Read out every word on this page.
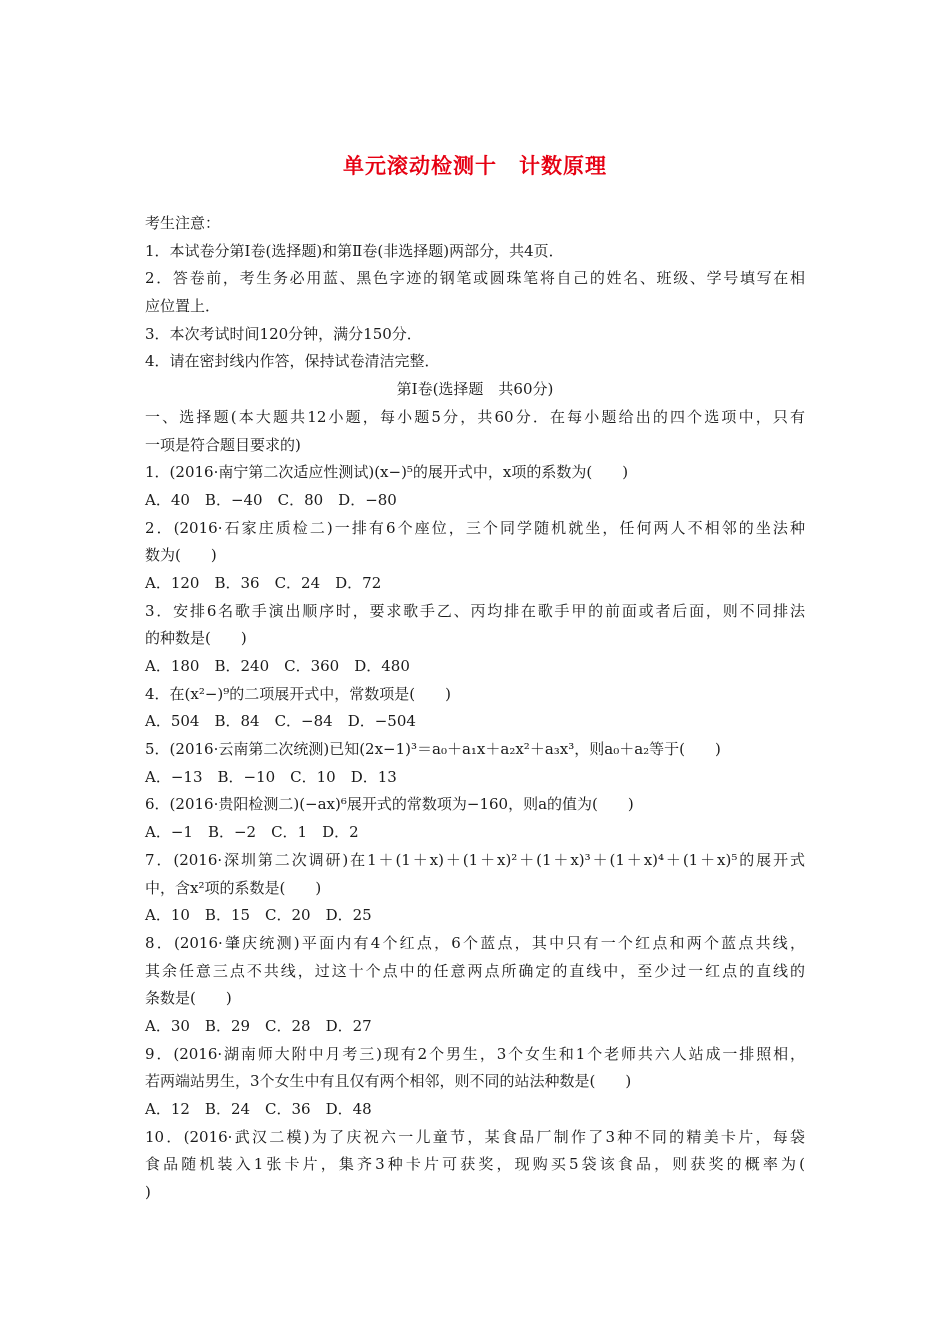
单元滚动检测十　计数原理
考生注意：
1．本试卷分第Ⅰ卷(选择题)和第Ⅱ卷(非选择题)两部分，共4页．
2．答卷前，考生务必用蓝、黑色字迹的钢笔或圆珠笔将自己的姓名、班级、学号填写在相
应位置上．
3．本次考试时间120分钟，满分150分．
4．请在密封线内作答，保持试卷清洁完整．
第Ⅰ卷(选择题　共60分)
一、选择题(本大题共12小题，每小题5分，共60分．在每小题给出的四个选项中，只有
一项是符合题目要求的)
1．(2016·南宁第二次适应性测试)(x−)⁵的展开式中，x项的系数为(　　)
A．40　B．−40　C．80　D．−80
2．(2016·石家庄质检二)一排有6个座位，三个同学随机就坐，任何两人不相邻的坐法种
数为(　　)
A．120　B．36　C．24　D．72
3．安排6名歌手演出顺序时，要求歌手乙、丙均排在歌手甲的前面或者后面，则不同排法
的种数是(　　)
A．180　B．240　C．360　D．480
4．在(x²−)⁹的二项展开式中，常数项是(　　)
A．504　B．84　C．−84　D．−504
5．(2016·云南第二次统测)已知(2x−1)³＝a₀＋a₁x＋a₂x²＋a₃x³，则a₀＋a₂等于(　　)
A．−13　B．−10　C．10　D．13
6．(2016·贵阳检测二)(−ax)⁶展开式的常数项为−160，则a的值为(　　)
A．−1　B．−2　C．1　D．2
7．(2016·深圳第二次调研)在1＋(1＋x)＋(1＋x)²＋(1＋x)³＋(1＋x)⁴＋(1＋x)⁵的展开式
中，含x²项的系数是(　　)
A．10　B．15　C．20　D．25
8．(2016·肇庆统测)平面内有4个红点，6个蓝点，其中只有一个红点和两个蓝点共线，
其余任意三点不共线，过这十个点中的任意两点所确定的直线中，至少过一红点的直线的
条数是(　　)
A．30　B．29　C．28　D．27
9．(2016·湖南师大附中月考三)现有2个男生，3个女生和1个老师共六人站成一排照相，
若两端站男生，3个女生中有且仅有两个相邻，则不同的站法种数是(　　)
A．12　B．24　C．36　D．48
10．(2016·武汉二模)为了庆祝六一儿童节，某食品厂制作了3种不同的精美卡片，每袋
食品随机装入1张卡片，集齐3种卡片可获奖，现购买5袋该食品，则获奖的概率为(
)
